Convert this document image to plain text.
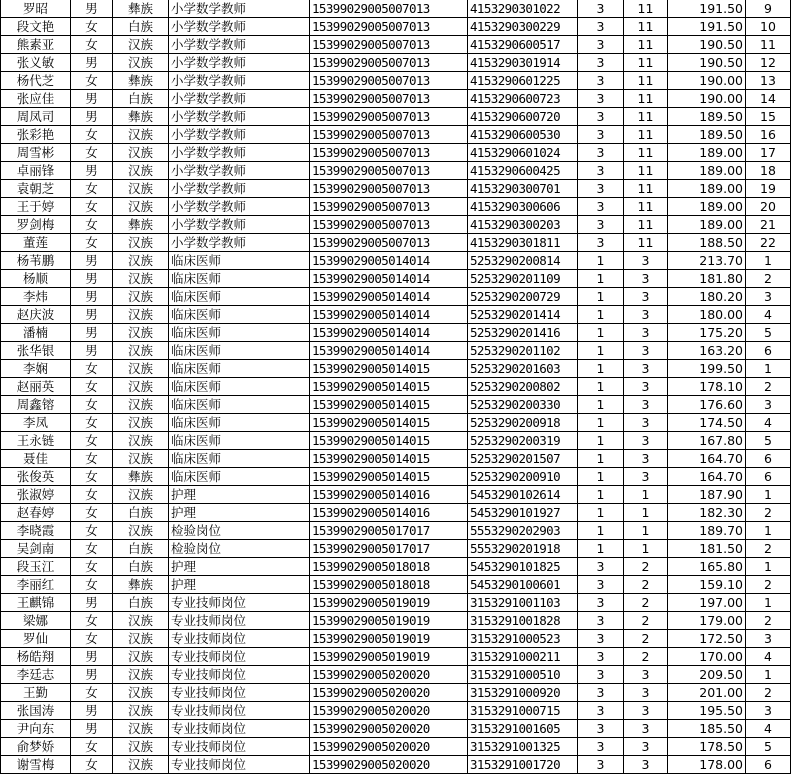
罗昭	男	彝族	小学数学教师	15399029005007013	4153290301022	3	11	191.50	9
段文艳	女	白族	小学数学教师	15399029005007013	4153290300229	3	11	191.50	10
熊素亚	女	汉族	小学数学教师	15399029005007013	4153290600517	3	11	190.50	11
张义敏	男	汉族	小学数学教师	15399029005007013	4153290301914	3	11	190.50	12
杨代芝	女	彝族	小学数学教师	15399029005007013	4153290601225	3	11	190.00	13
张应佳	男	白族	小学数学教师	15399029005007013	4153290600723	3	11	190.00	14
周凤司	男	彝族	小学数学教师	15399029005007013	4153290600720	3	11	189.50	15
张彩艳	女	汉族	小学数学教师	15399029005007013	4153290600530	3	11	189.50	16
周雪彬	女	汉族	小学数学教师	15399029005007013	4153290601024	3	11	189.00	17
卓丽锋	男	汉族	小学数学教师	15399029005007013	4153290600425	3	11	189.00	18
袁朝芝	女	汉族	小学数学教师	15399029005007013	4153290300701	3	11	189.00	19
王于婷	女	汉族	小学数学教师	15399029005007013	4153290300606	3	11	189.00	20
罗剑梅	女	彝族	小学数学教师	15399029005007013	4153290300203	3	11	189.00	21
董莲	女	汉族	小学数学教师	15399029005007013	4153290301811	3	11	188.50	22
杨苇鹏	男	汉族	临床医师	15399029005014014	5253290200814	1	3	213.70	1
杨顺	男	汉族	临床医师	15399029005014014	5253290201109	1	3	181.80	2
李炜	男	汉族	临床医师	15399029005014014	5253290200729	1	3	180.20	3
赵庆波	男	汉族	临床医师	15399029005014014	5253290201414	1	3	180.00	4
潘楠	男	汉族	临床医师	15399029005014014	5253290201416	1	3	175.20	5
张华银	男	汉族	临床医师	15399029005014014	5253290201102	1	3	163.20	6
李娴	女	汉族	临床医师	15399029005014015	5253290201603	1	3	199.50	1
赵丽英	女	汉族	临床医师	15399029005014015	5253290200802	1	3	178.10	2
周鑫镕	女	汉族	临床医师	15399029005014015	5253290200330	1	3	176.60	3
李凤	女	汉族	临床医师	15399029005014015	5253290200918	1	3	174.50	4
王永链	女	汉族	临床医师	15399029005014015	5253290200319	1	3	167.80	5
聂佳	女	汉族	临床医师	15399029005014015	5253290201507	1	3	164.70	6
张俊英	女	彝族	临床医师	15399029005014015	5253290200910	1	3	164.70	6
张淑婷	女	汉族	护理	15399029005014016	5453290102614	1	1	187.90	1
赵春婷	女	白族	护理	15399029005014016	5453290101927	1	1	182.30	2
李晓霞	女	汉族	检验岗位	15399029005017017	5553290202903	1	1	189.70	1
吴剑南	女	白族	检验岗位	15399029005017017	5553290201918	1	1	181.50	2
段玉江	女	白族	护理	15399029005018018	5453290101825	3	2	165.80	1
李丽红	女	彝族	护理	15399029005018018	5453290100601	3	2	159.10	2
王麒锦	男	白族	专业技师岗位	15399029005019019	3153291001103	3	2	197.00	1
梁娜	女	汉族	专业技师岗位	15399029005019019	3153291001828	3	2	179.00	2
罗仙	女	汉族	专业技师岗位	15399029005019019	3153291000523	3	2	172.50	3
杨皓翔	男	汉族	专业技师岗位	15399029005019019	3153291000211	3	2	170.00	4
李廷志	男	汉族	专业技师岗位	15399029005020020	3153291000510	3	3	209.50	1
王勤	女	汉族	专业技师岗位	15399029005020020	3153291000920	3	3	201.00	2
张国涛	男	汉族	专业技师岗位	15399029005020020	3153291000715	3	3	195.50	3
尹向东	男	汉族	专业技师岗位	15399029005020020	3153291001605	3	3	185.50	4
俞梦娇	女	汉族	专业技师岗位	15399029005020020	3153291001325	3	3	178.50	5
谢雪梅	女	汉族	专业技师岗位	15399029005020020	3153291001720	3	3	178.00	6
